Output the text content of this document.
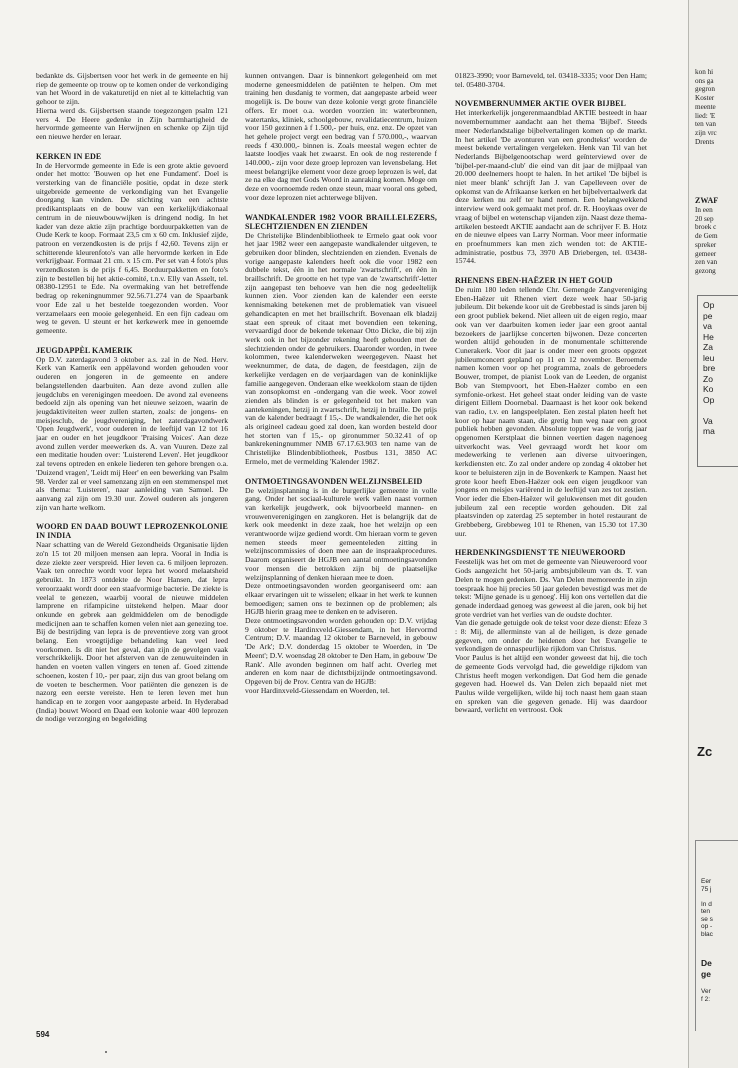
bedankte ds. Gijsbertsen voor het werk in de gemeente en hij riep de gemeente op trouw op te komen onder de verkondiging van het Woord in de vakaturetijd en niet al te kittelachtig van gehoor te zijn.

Hierna werd ds. Gijsbertsen staande toegezongen psalm 121 vers 4. De Heere gedenke in Zijn barmhartigheid de hervormde gemeente van Herwijnen en schenke op Zijn tijd een nieuwe herder en leraar.

KERKEN IN EDE

In de Hervormde gemeente in Ede is een grote aktie gevoerd onder het motto: 'Bouwen op het ene Fundament'. Doel is versterking van de financiële positie, opdat in deze sterk uitgebreide gemeente de verkondiging van het Evangelie doorgang kan vinden. De stichting van een achtste predikantsplaats en de bouw van een kerkelijk/diakonaal centrum in de nieuwbouwwijken is dringend nodig. In het kader van deze aktie zijn prachtige borduurpakketten van de Oude Kerk te koop. Formaat 23,5 cm x 60 cm. Inklusief zijde, patroon en verzendkosten is de prijs f 42,60. Tevens zijn er schitterende kleurenfoto's van alle hervormde kerken in Ede verkrijgbaar. Formaat 21 cm. x 15 cm. Per set van 4 foto's plus verzendkosten is de prijs f 6,45. Borduurpakketten en foto's zijn te bestellen bij het aktie-comité, t.n.v. Elly van Asselt, tel. 08380-12951 te Ede. Na overmaking van het betreffende bedrag op rekeningnummer 92.56.71.274 van de Spaarbank voor Ede zal u het bestelde toegezonden worden. Voor verzamelaars een mooie gelegenheid. En een fijn cadeau om weg te geven. U steunt er het kerkewerk mee in genoemde gemeente.

JEUGDAPPÈL KAMERIK

Op D.V. zaterdagavond 3 oktober a.s. zal in de Ned. Herv. Kerk van Kamerik een appèlavond worden gehouden voor ouderen en jongeren in de gemeente en andere belangstellenden daarbuiten. Aan deze avond zullen alle jeugdclubs en verenigingen meedoen. De avond zal eveneens bedoeld zijn als opening van het nieuwe seizoen, waarin de jeugdaktiviteiten weer zullen starten, zoals: de jongens- en meisjesclub, de jeugdvereniging, het zaterdagavondwerk 'Open Jeugdwerk', voor ouderen in de leeftijd van 12 tot 16 jaar en ouder en het jeugdkoor 'Praising Voices'. Aan deze avond zullen verder meewerken ds. A. van Vuuren. Deze zal een meditatie houden over: 'Luisterend Leven'. Het jeugdkoor zal tevens optreden en enkele liederen ten gehore brengen o.a. 'Duizend vragen', 'Leidt mij Heer' en een bewerking van Psalm 98. Verder zal er veel samenzang zijn en een stemmenspel met als thema: 'Luisteren', naar aanleiding van Samuel. De aanvang zal zijn om 19.30 uur. Zowel ouderen als jongeren zijn van harte welkom.

WOORD EN DAAD BOUWT LEPROZENKOLONIE IN INDIA

Naar schatting van de Wereld Gezondheids Organisatie lijden zo'n 15 tot 20 miljoen mensen aan lepra. Vooral in India is deze ziekte zeer verspreid. Hier leven ca. 6 miljoen leprozen. Vaak ten onrechte wordt voor lepra het woord melaatsheid gebruikt. In 1873 ontdekte de Noor Hansen, dat lepra veroorzaakt wordt door een staafvormige bacterie. De ziekte is veelal te genezen, waarbij vooral de nieuwe middelen lamprene en rifampicine uitstekend helpen. Maar door onkunde en gebrek aan geldmiddelen om de benodigde medicijnen aan te schaffen komen velen niet aan genezing toe. Bij de bestrijding van lepra is de preventieve zorg van groot belang. Een vroegtijdige behandeling kan veel leed voorkomen. Is dit niet het geval, dan zijn de gevolgen vaak verschrikkelijk. Door het afsterven van de zenuwuiteinden in handen en voeten vallen vingers en tenen af. Goed zittende schoenen, kosten f 10,- per paar, zijn dus van groot belang om de voeten te beschermen. Voor patiënten die genezen is de nazorg een eerste vereiste. Hen te leren leven met hun handicap en te zorgen voor aangepaste arbeid. In Hyderabad (India) bouwt Woord en Daad een kolonie waar 400 leprozen de nodige verzorging en begeleiding

kunnen ontvangen. Daar is binnenkort gelegenheid om met moderne geneesmiddelen de patiënten te helpen. Om met training hen dusdanig te vormen, dat aangepaste arbeid weer mogelijk is. De bouw van deze kolonie vergt grote financiële offers. Er moet o.a. worden voorzien in: waterbronnen, watertanks, kliniek, schoolgebouw, revalidatiecentrum, huizen voor 150 gezinnen à f 1.500,- per huis, enz. enz. De opzet van het gehele project vergt een bedrag van f 570.000,-, waarvan reeds f 430.000,- binnen is. Zoals meestal wegen echter de laatste loodjes vaak het zwaarst. En ook de nog resterende f 140.000,- zijn voor deze groep leprozen van levensbelang. Het meest belangrijke element voor deze groep leprozen is wel, dat ze na elke dag met Gods Woord in aanraking komen. Moge om deze en voornoemde reden onze steun, maar vooral ons gebed, voor deze leprozen niet achterwege blijven.

WANDKALENDER 1982 VOOR BRAILLELEZERS, SLECHTZIENDEN EN ZIENDEN

De Christelijke Blindenbibliotheek te Ermelo gaat ook voor het jaar 1982 weer een aangepaste wandkalender uitgeven, te gebruiken door blinden, slechtzienden en zienden. Evenals de vorige aangepaste kalenders heeft ook die voor 1982 een dubbele tekst, één in het normale 'zwartschrift', en één in braillschrift. De grootte en het type van de 'zwartschrift'-letter zijn aangepast ten behoeve van hen die nog gedeeltelijk kunnen zien. Voor zienden kan de kalender een eerste kennismaking betekenen met de problematiek van visueel gehandicapten en met het braillschrift. Bovenaan elk bladzij staat een spreuk of citaat met bovendien een tekening, vervaardigd door de bekende tekenaar Otto Dicke, die bij zijn werk ook in het bijzonder rekening heeft gehouden met de slechtzienden onder de gebruikers. Daaronder worden, in twee kolommen, twee kalenderweken weergegeven. Naast het weeknummer, de data, de dagen, de feestdagen, zijn de kerkelijke verdagen en de verjaardagen van de koninklijke familie aangegeven. Onderaan elke weekkolom staan de tijden van zonsopkomst en -ondergang van die week. Voor zowel zienden als blinden is er gelegenheid tot het maken van aantekeningen, hetzij in zwartschrift, hetzij in braille. De prijs van de kalender bedraagt f 15,-. De wandkalender, die het ook als origineel cadeau goed zal doen, kan worden besteld door het storten van f 15,- op gironummer 50.32.41 of op bankrekeningnummer NMB 67.17.63.903 ten name van de Christelijke Blindenbibliotheek, Postbus 131, 3850 AC Ermelo, met de vermelding 'Kalender 1982'.

ONTMOETINGSAVONDEN WELZIJNSBELEID

De welzijnsplanning is in de burgerlijke gemeente in volle gang. Onder het sociaal-kulturele werk vallen naast vormen van kerkelijk jeugdwerk, ook bijvoorbeeld mannen- en vrouwenverenigingen en zangkoren. Het is belangrijk dat de kerk ook meedenkt in deze zaak, hoe het welzijn op een verantwoorde wijze gediend wordt. Om hieraan vorm te geven nemen steeds meer gemeenteleden zitting in welzijnscommissies of doen mee aan de inspraakprocedures. Daarom organiseert de HGJB een aantal ontmoetingsavonden voor mensen die betrokken zijn bij de plaatselijke welzijnsplanning of denken hieraan mee te doen.

Deze ontmoetingsavonden worden georganiseerd om: aan elkaar ervaringen uit te wisselen; elkaar in het werk te kunnen bemoedigen; samen ons te bezinnen op de problemen; als HGJB hierin graag mee te denken en te adviseren.

Deze ontmoetingsavonden worden gehouden op: D.V. vrijdag 9 oktober te Hardinxveld-Giessendam, in het Hervormd Centrum; D.V. maandag 12 oktober te Barneveld, in gebouw 'De Ark'; D.V. donderdag 15 oktober te Woerden, in 'De Meent'; D.V. woensdag 28 oktober te Den Ham, in gebouw 'De Rank'. Alle avonden beginnen om half acht. Overleg met anderen en kom naar de dichtstbijzijnde ontmoetingsavond. Opgeven bij de Prov. Centra van de HGJB:

voor Hardinxveld-Giessendam en Woerden, tel.

01823-3990; voor Barneveld, tel. 03418-3335; voor Den Ham; tel. 05480-3704.

NOVEMBERNUMMER AKTIE OVER BIJBEL

Het interkerkelijk jongerenmaandblad AKTIE besteedt in haar novembernummer aandacht aan het thema 'Bijbel'. Steeds meer Nederlandstalige bijbelvertalingen komen op de markt. In het artikel 'De avonturen van een grondtekst' worden de meest bekende vertalingen vergeleken. Henk van Til van het Nederlands Bijbelgenootschap werd geïnterviewd over de 'bijbel-per-maand-club' die eind van dit jaar de mijlpaal van 20.000 deelnemers hoopt te halen. In het artikel 'De bijbel is niet meer blank' schrijft Jan J. van Capelleveen over de opkomst van de Afrikaanse kerken en het bijbelvertaalwerk dat deze kerken nu zelf ter hand nemen. Een belangwekkend interview werd ook gemaakt met prof. dr. R. Hooykaas over de vraag of bijbel en wetenschap vijanden zijn. Naast deze thema-artikelen besteedt AKTIE aandacht aan de schrijver F. B. Hotz en de nieuwe elpees van Larry Norman. Voor meer informatie en proefnummers kan men zich wenden tot: de AKTIE-administratie, postbus 73, 3970 AB Driebergen, tel. 03438-15744.

RHENENS EBEN-HAËZER IN HET GOUD

De ruim 180 leden tellende Chr. Gemengde Zangvereniging Eben-Haëzer uit Rhenen viert deze week haar 50-jarig jubileum. Dit bekende koor uit de Grebbestad is sinds jaren bij een groot publiek bekend. Niet alleen uit de eigen regio, maar ook van ver daarbuiten komen ieder jaar een groot aantal bezoekers de jaarlijkse concerten bijwonen. Deze concerten worden altijd gehouden in de monumentale schitterende Cunerakerk. Voor dit jaar is onder meer een groots opgezet jubileumconcert gepland op 11 en 12 november. Beroemde namen komen voor op het programma, zoals de gebroeders Bouwer, trompet, de pianist Look van de Leeden, de organist Bob van Stempvoort, het Eben-Haëzer combo en een symfonie-orkest. Het geheel staat onder leiding van de vaste dirigent Eillem Doornebal. Daarnaast is het koor ook bekend van radio, t.v. en langspeelplaten. Een zestal platen heeft het koor op haar naam staan, die gretig hun weg naar een groot publiek hebben gevonden. Absolute topper was de vorig jaar opgenomen Kerstplaat die binnen veertien dagen nagenoeg uitverkocht was. Veel gevraagd wordt het koor om medewerking te verlenen aan diverse uitvoeringen, kerkdiensten etc. Zo zal onder andere op zondag 4 oktober het koor te beluisteren zijn in de Bovenkerk te Kampen. Naast het grote koor heeft Eben-Haëzer ook een eigen jeugdkoor van jongens en meisjes variërend in de leeftijd van zes tot zestien. Voor ieder die Eben-Haëzer wil gelukwensen met dit gouden jubileum zal een receptie worden gehouden. Dit zal plaatsvinden op zaterdag 25 september in hotel restaurant de Grebbeberg, Grebbeweg 101 te Rhenen, van 15.30 tot 17.30 uur.

HERDENKINGSDIENST TE NIEUWEROORD

Feestelijk was het om met de gemeente van Nieuweroord voor Gods aangezicht het 50-jarig ambtsjubileum van ds. T. van Delen te mogen gedenken. Ds. Van Delen memoreerde in zijn toespraak hoe hij precies 50 jaar geleden bevestigd was met de tekst: 'Mijne genade is u genoeg'. Hij kon ons vertellen dat die genade inderdaad genoeg was geweest al die jaren, ook bij het grote verdriet van het verlies van de oudste dochter.

Van die genade getuigde ook de tekst voor deze dienst: Efeze 3 : 8: Mij, de allerminste van al de heiligen, is deze genade gegeven, om onder de heidenen door het Evangelie te verkondigen de onnaspeurlijke rijkdom van Christus.

Voor Paulus is het altijd een wonder geweest dat hij, die toch de gemeente Gods vervolgd had, die geweldige rijkdom van Christus heeft mogen verkondigen. Dat God hem die genade gegeven had. Hoewel ds. Van Delen zich bepaald niet met Paulus wilde vergelijken, wilde hij toch naast hem gaan staan en spreken van die gegeven genade. Hij was daardoor bewaard, verlicht en vertroost. Ook

594
kon hi
ons ga
gegron
Koster
meente
lied: 'E
ten van
zijn vrc
Drents
ZWAF
In een
20 sep
broek c
de Gem
spreker
gemeer
zen van
gezong
Op
pe
va
He
Za
leu
bre
Zo
Ko
Op
Va
ma
Zc
Eer
75 j
In d
ten
se s
op -
blac
De
ge
Ver
f 2:
